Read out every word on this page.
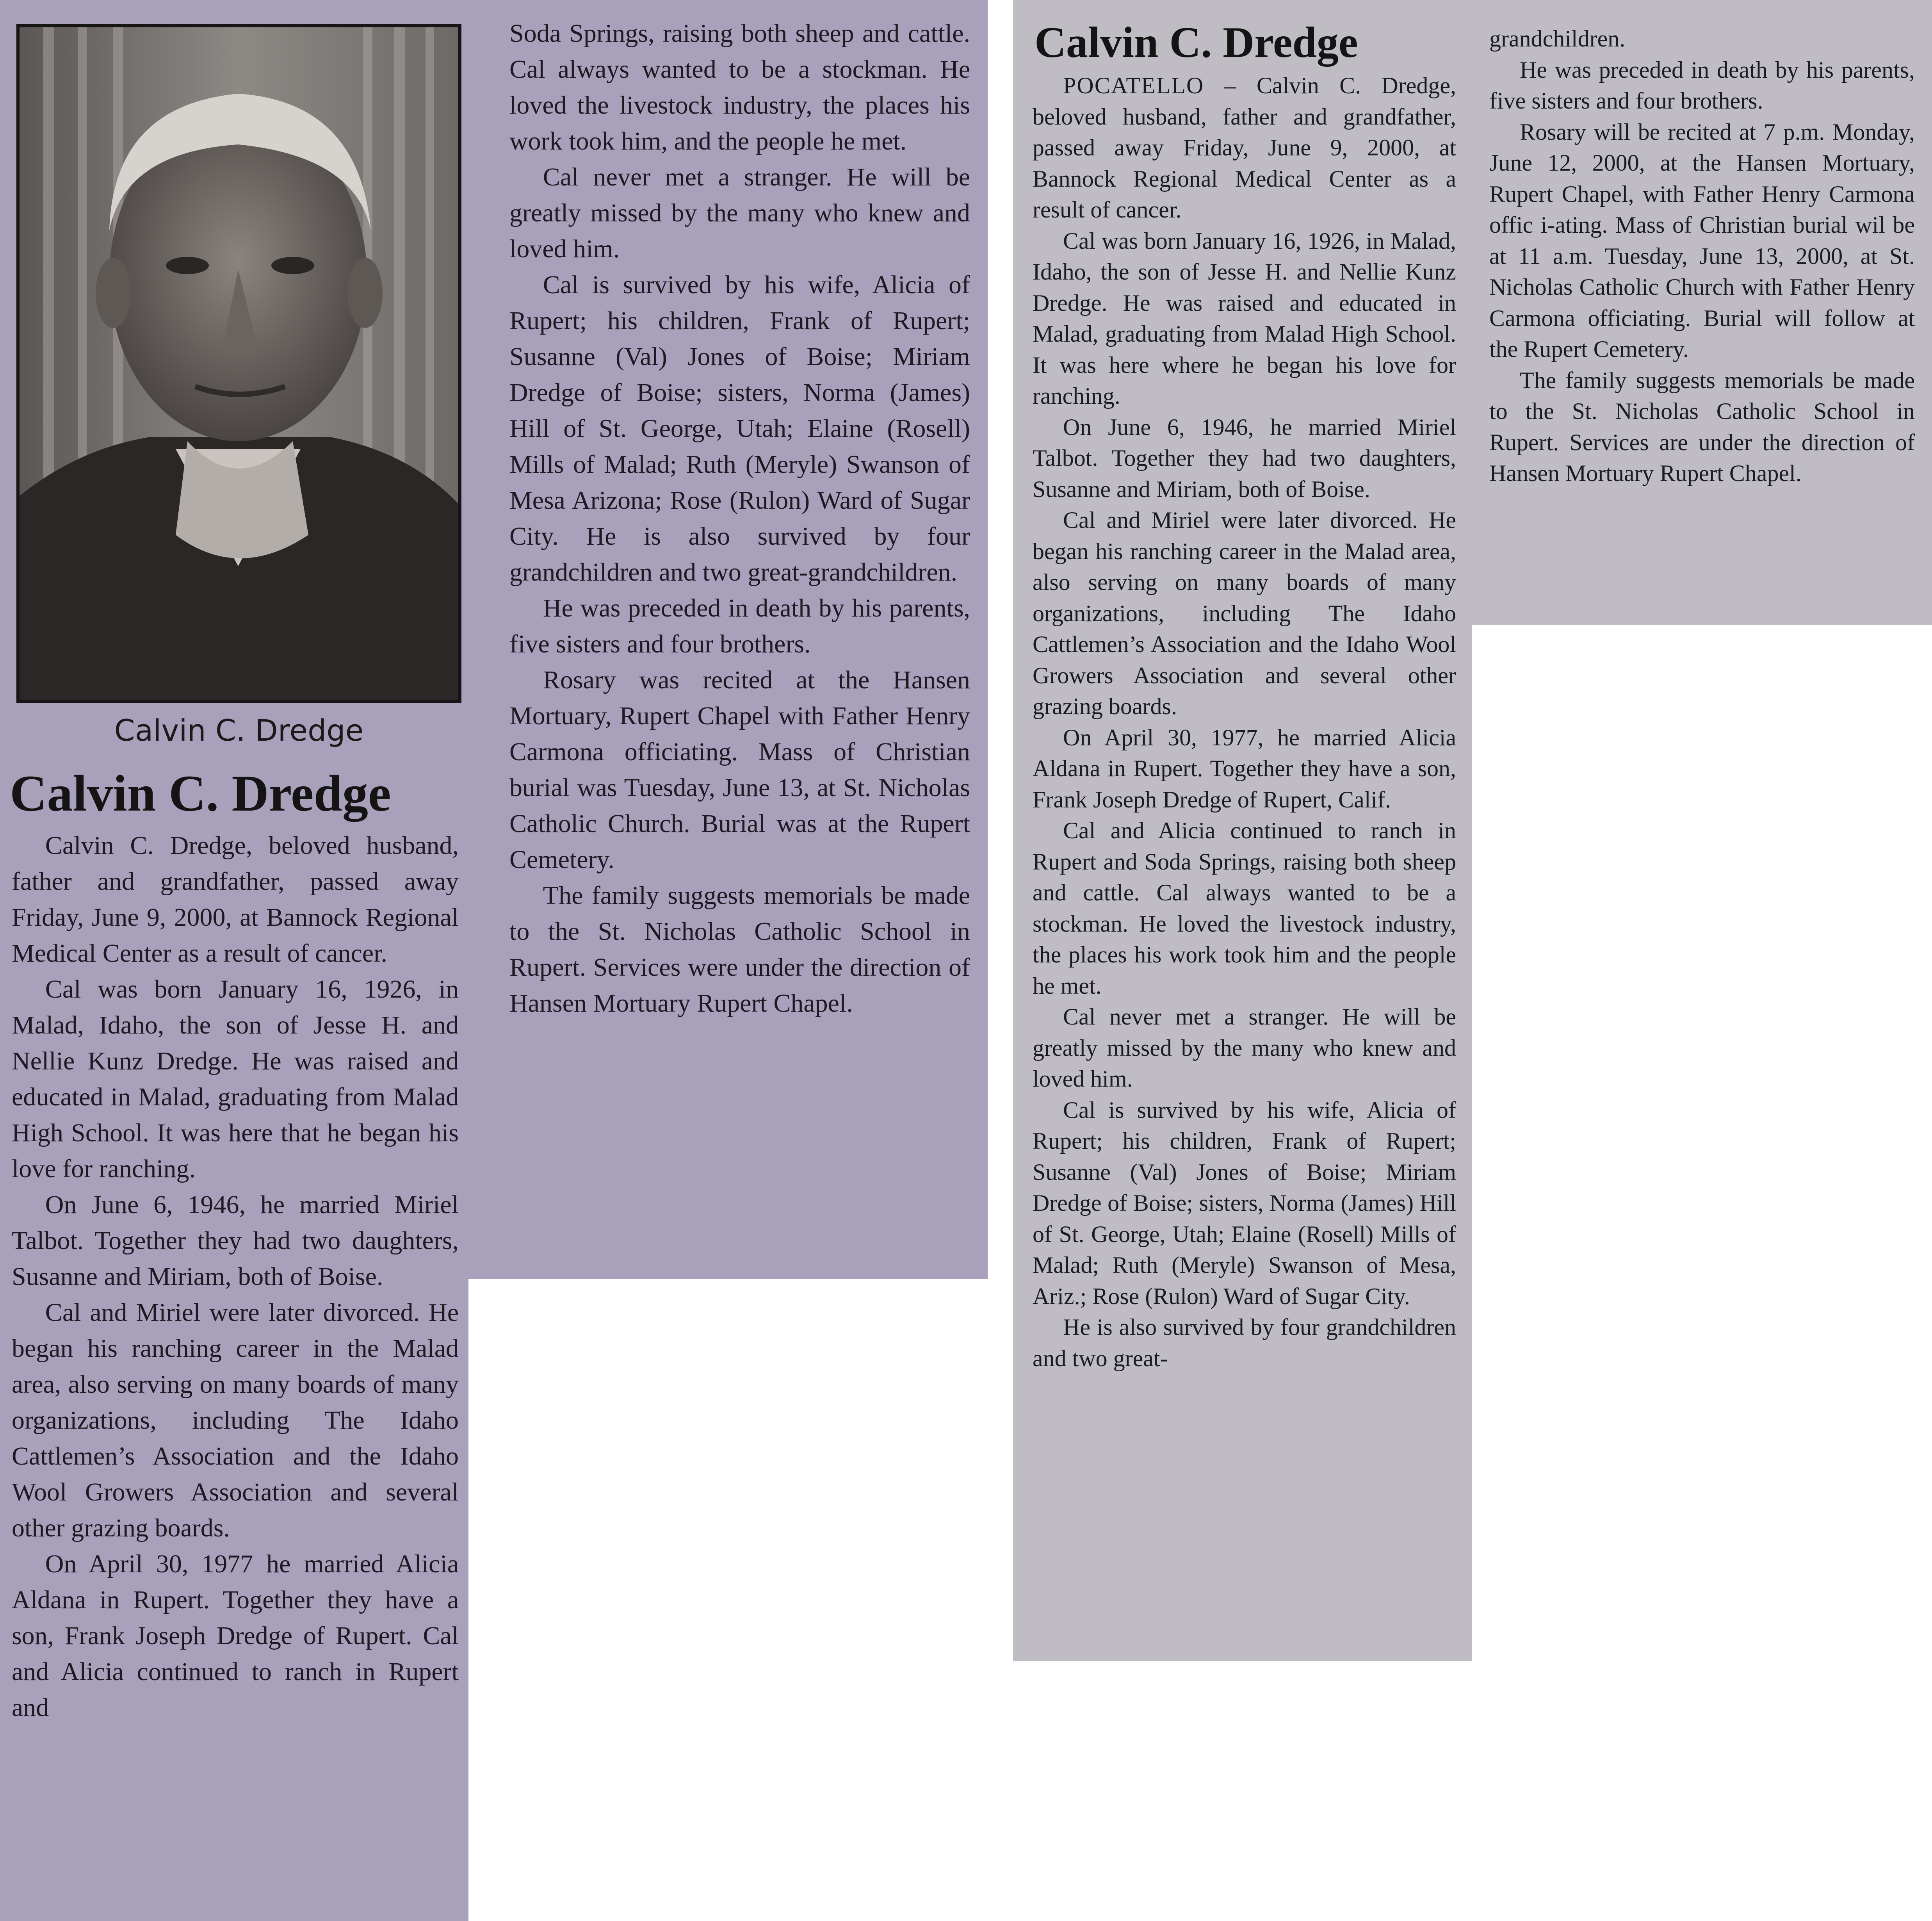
Calvin C. Dredge
Calvin C. Dredge

Calvin C. Dredge, beloved husband, father and grandfather, passed away Friday, June 9, 2000, at Bannock Regional Medical Center as a result of cancer.

Cal was born January 16, 1926, in Malad, Idaho, the son of Jesse H. and Nellie Kunz Dredge. He was raised and educated in Malad, graduating from Malad High School. It was here that he began his love for ranching.

On June 6, 1946, he married Miriel Talbot. Together they had two daughters, Susanne and Miriam, both of Boise.

Cal and Miriel were later divorced. He began his ranching career in the Malad area, also serving on many boards of many organizations, including The Idaho Cattlemen’s Association and the Idaho Wool Growers Association and several other grazing boards.

On April 30, 1977 he married Alicia Aldana in Rupert. Together they have a son, Frank Joseph Dredge of Rupert. Cal and Alicia continued to ranch in Rupert and

Soda Springs, raising both sheep and cattle. Cal always wanted to be a stockman. He loved the livestock industry, the places his work took him, and the people he met.

Cal never met a stranger. He will be greatly missed by the many who knew and loved him.

Cal is survived by his wife, Alicia of Rupert; his children, Frank of Rupert; Susanne (Val) Jones of Boise; Miriam Dredge of Boise; sisters, Norma (James) Hill of St. George, Utah; Elaine (Rosell) Mills of Malad; Ruth (Meryle) Swanson of Mesa Arizona; Rose (Rulon) Ward of Sugar City. He is also survived by four grandchildren and two great-grandchildren.

He was preceded in death by his parents, five sisters and four brothers.

Rosary was recited at the Hansen Mortuary, Rupert Chapel with Father Henry Carmona officiating. Mass of Christian burial was Tuesday, June 13, at St. Nicholas Catholic Church. Burial was at the Rupert Cemetery.

The family suggests memorials be made to the St. Nicholas Catholic School in Rupert. Services were under the direction of Hansen Mortuary Rupert Chapel.

Calvin C. Dredge

POCATELLO – Calvin C. Dredge, beloved husband, father and grandfather, passed away Friday, June 9, 2000, at Bannock Regional Medical Center as a result of cancer.

Cal was born January 16, 1926, in Malad, Idaho, the son of Jesse H. and Nellie Kunz Dredge. He was raised and educated in Malad, graduating from Malad High School. It was here where he began his love for ranching.

On June 6, 1946, he married Miriel Talbot. Together they had two daughters, Susanne and Miriam, both of Boise.

Cal and Miriel were later divorced. He began his ranching career in the Malad area, also serving on many boards of many organizations, including The Idaho Cattlemen’s Association and the Idaho Wool Growers Association and several other grazing boards.

On April 30, 1977, he married Alicia Aldana in Rupert. Together they have a son, Frank Joseph Dredge of Rupert, Calif.

Cal and Alicia continued to ranch in Rupert and Soda Springs, raising both sheep and cattle. Cal always wanted to be a stockman. He loved the livestock industry, the places his work took him and the people he met.

Cal never met a stranger. He will be greatly missed by the many who knew and loved him.

Cal is survived by his wife, Alicia of Rupert; his children, Frank of Rupert; Susanne (Val) Jones of Boise; Miriam Dredge of Boise; sisters, Norma (James) Hill of St. George, Utah; Elaine (Rosell) Mills of Malad; Ruth (Meryle) Swanson of Mesa, Ariz.; Rose (Rulon) Ward of Sugar City.

He is also survived by four grandchildren and two great-

grandchildren.

He was preceded in death by his parents, five sisters and four brothers.

Rosary will be recited at 7 p.m. Monday, June 12, 2000, at the Hansen Mortuary, Rupert Chapel, with Father Henry Carmona offic i-ating. Mass of Christian burial wil be at 11 a.m. Tuesday, June 13, 2000, at St. Nicholas Catholic Church with Father Henry Carmona officiating. Burial will follow at the Rupert Cemetery.

The family suggests memorials be made to the St. Nicholas Catholic School in Rupert. Services are under the direction of Hansen Mortuary Rupert Chapel.
